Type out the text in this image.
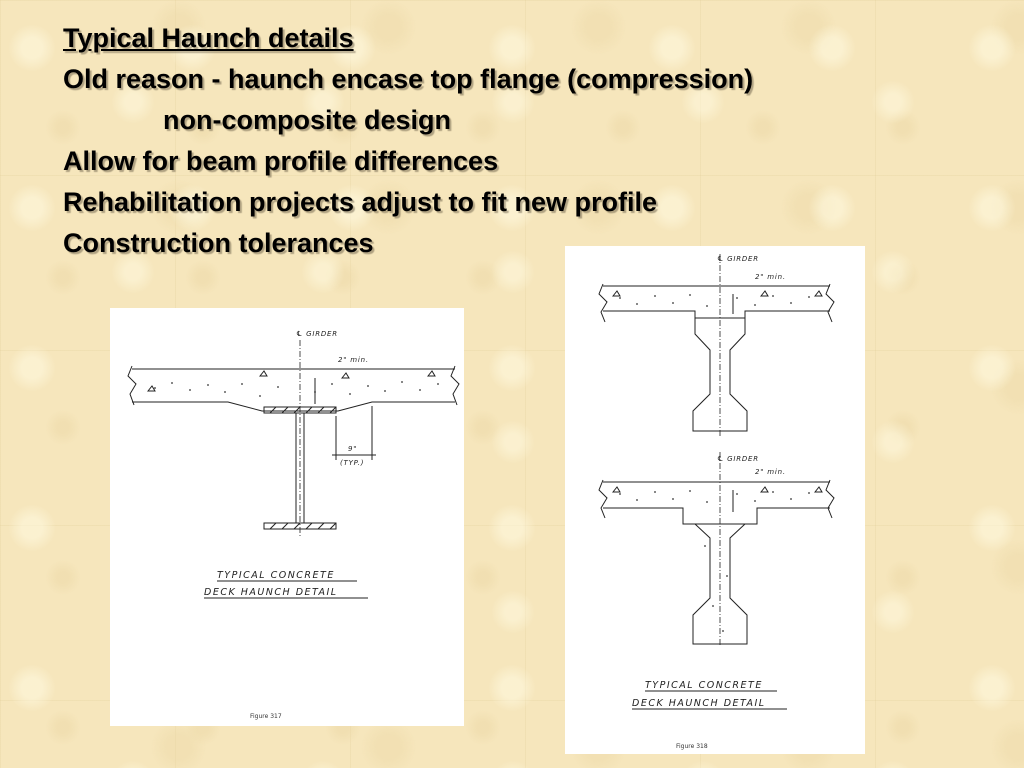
Typical Haunch details
Old reason - haunch encase top flange (compression)
non-composite design
Allow for beam profile differences
Rehabilitation projects adjust to fit new profile
Construction tolerances
℄ GIRDER
2" min.
9"
(TYP.)
TYPICAL CONCRETE
DECK HAUNCH DETAIL
Figure 317
℄ GIRDER
2" min.
℄ GIRDER
2" min.
TYPICAL CONCRETE
DECK HAUNCH DETAIL
Figure 318
